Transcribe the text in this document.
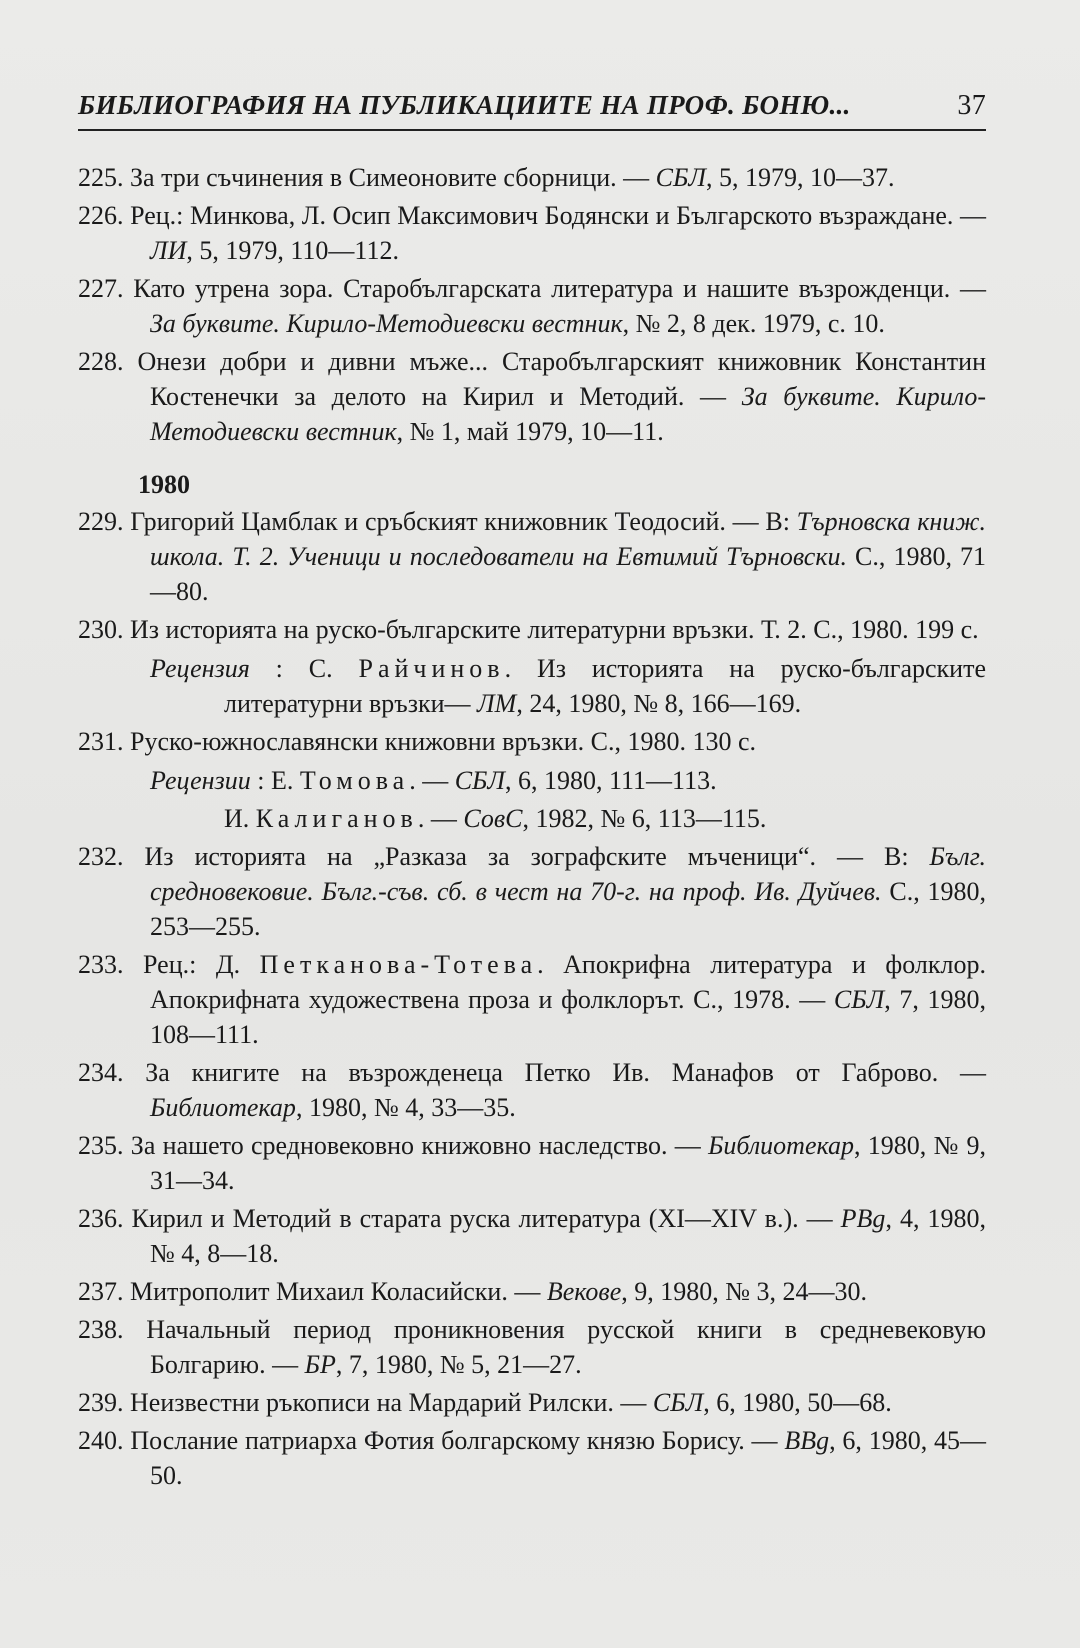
БИБЛИОГРАФИЯ НА ПУБЛИКАЦИИТЕ НА ПРОФ. БОНЮ...	37

225. За три съчинения в Симеоновите сборници. — СБЛ, 5, 1979, 10—37.

226. Рец.: Минкова, Л. Осип Максимович Бодянски и Българското възраждане. — ЛИ, 5, 1979, 110—112.

227. Като утрена зора. Старобългарската литература и нашите възрожденци. — За буквите. Кирило-Методиевски вестник, № 2, 8 дек. 1979, с. 10.

228. Онези добри и дивни мъже... Старобългарският книжовник Константин Костенечки за делото на Кирил и Методий. — За буквите. Кирило-Методиевски вестник, № 1, май 1979, 10—11.

1980

229. Григорий Цамблак и сръбският книжовник Теодосий. — В: Търновска книж. школа. Т. 2. Ученици и последователи на Евтимий Търновски. С., 1980, 71—80.

230. Из историята на руско-българските литературни връзки. Т. 2. С., 1980. 199 с.

Рецензия : С. Райчинов. Из историята на руско-българските литературни връзки— ЛМ, 24, 1980, № 8, 166—169.

231. Руско-южнославянски книжовни връзки. С., 1980. 130 с.

Рецензии : Е. Томова. — СБЛ, 6, 1980, 111—113.

И. Калиганов. — СовС, 1982, № 6, 113—115.

232. Из историята на „Разказа за зографските мъченици“. — В: Бълг. средновековие. Бълг.-съв. сб. в чест на 70-г. на проф. Ив. Дуйчев. С., 1980, 253—255.

233. Рец.: Д. Петканова-Тотева. Апокрифна литература и фолклор. Апокрифната художествена проза и фолклорът. С., 1978. — СБЛ, 7, 1980, 108—111.

234. За книгите на възрожденеца Петко Ив. Манафов от Габрово. — Библиотекар, 1980, № 4, 33—35.

235. За нашето средновековно книжовно наследство. — Библиотекар, 1980, № 9, 31—34.

236. Кирил и Методий в старата руска литература (XI—XIV в.). — PBg, 4, 1980, № 4, 8—18.

237. Митрополит Михаил Коласийски. — Векове, 9, 1980, № 3, 24—30.

238. Начальный период проникновения русской книги в средневековую Болгарию. — БР, 7, 1980, № 5, 21—27.

239. Неизвестни ръкописи на Мардарий Рилски. — СБЛ, 6, 1980, 50—68.

240. Послание патриарха Фотия болгарскому князю Борису. — BBg, 6, 1980, 45—50.
